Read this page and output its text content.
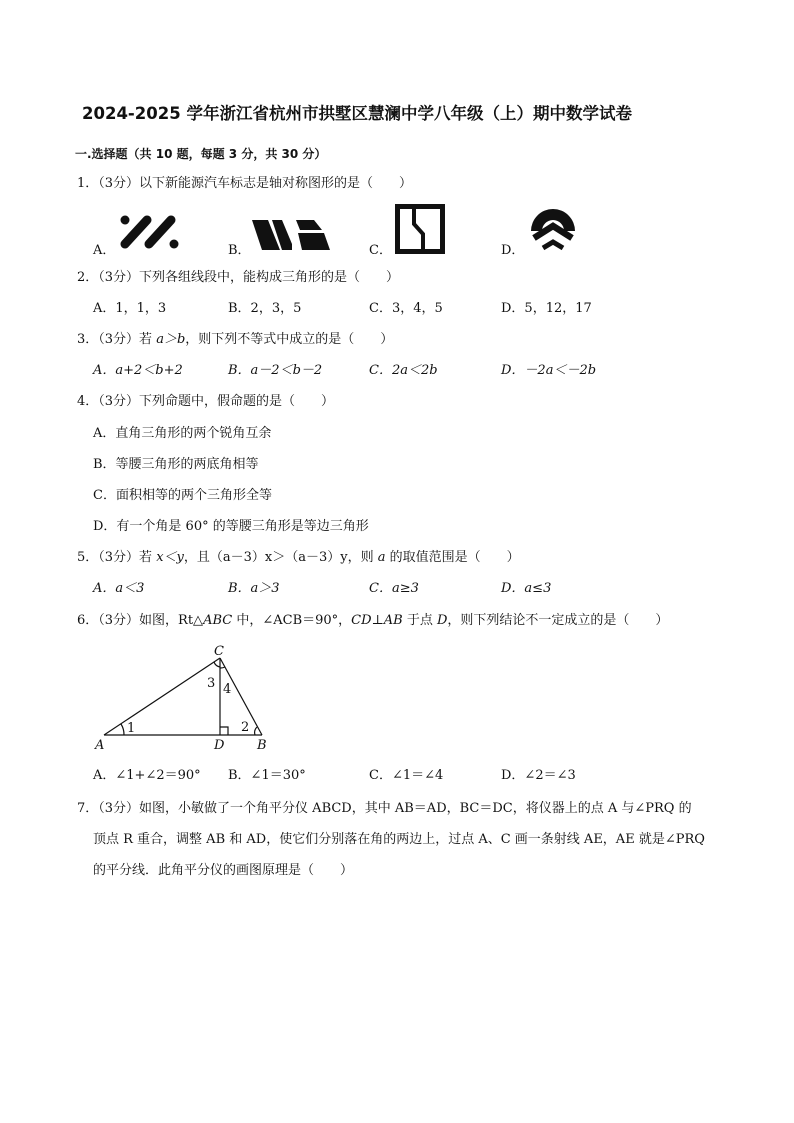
2024-2025 学年浙江省杭州市拱墅区慧澜中学八年级（上）期中数学试卷
一.选择题（共 10 题，每题 3 分，共 30 分）
1．（3分）以下新能源汽车标志是轴对称图形的是（　　）
A．	B．	C．	D．
2．（3分）下列各组线段中，能构成三角形的是（　　）
A．1，1，3	B．2，3，5	C．3，4，5	D．5，12，17
3．（3分）若 a＞b，则下列不等式中成立的是（　　）
A．a+2＜b+2	B．a－2＜b－2	C．2a＜2b	D．－2a＜－2b
4．（3分）下列命题中，假命题的是（　　）
A．直角三角形的两个锐角互余
B．等腰三角形的两底角相等
C．面积相等的两个三角形全等
D．有一个角是 60° 的等腰三角形是等边三角形
5．（3分）若 x＜y，且（a－3）x＞（a－3）y，则 a 的取值范围是（　　）
A．a＜3	B．a＞3	C．a≥3	D．a≤3
6．（3分）如图，Rt△ABC 中，∠ACB＝90°，CD⊥AB 于点 D，则下列结论不一定成立的是（　　）
C
A	B
D
1	2
3 4
A．∠1+∠2＝90° B．∠1＝30°	C．∠1＝∠4	D．∠2＝∠3
7．（3分）如图，小敏做了一个角平分仪 ABCD，其中 AB＝AD，BC＝DC，将仪器上的点 A 与∠PRQ 的
顶点 R 重合，调整 AB 和 AD，使它们分别落在角的两边上，过点 A、C 画一条射线 AE，AE 就是∠PRQ
的平分线．此角平分仪的画图原理是（　　）
